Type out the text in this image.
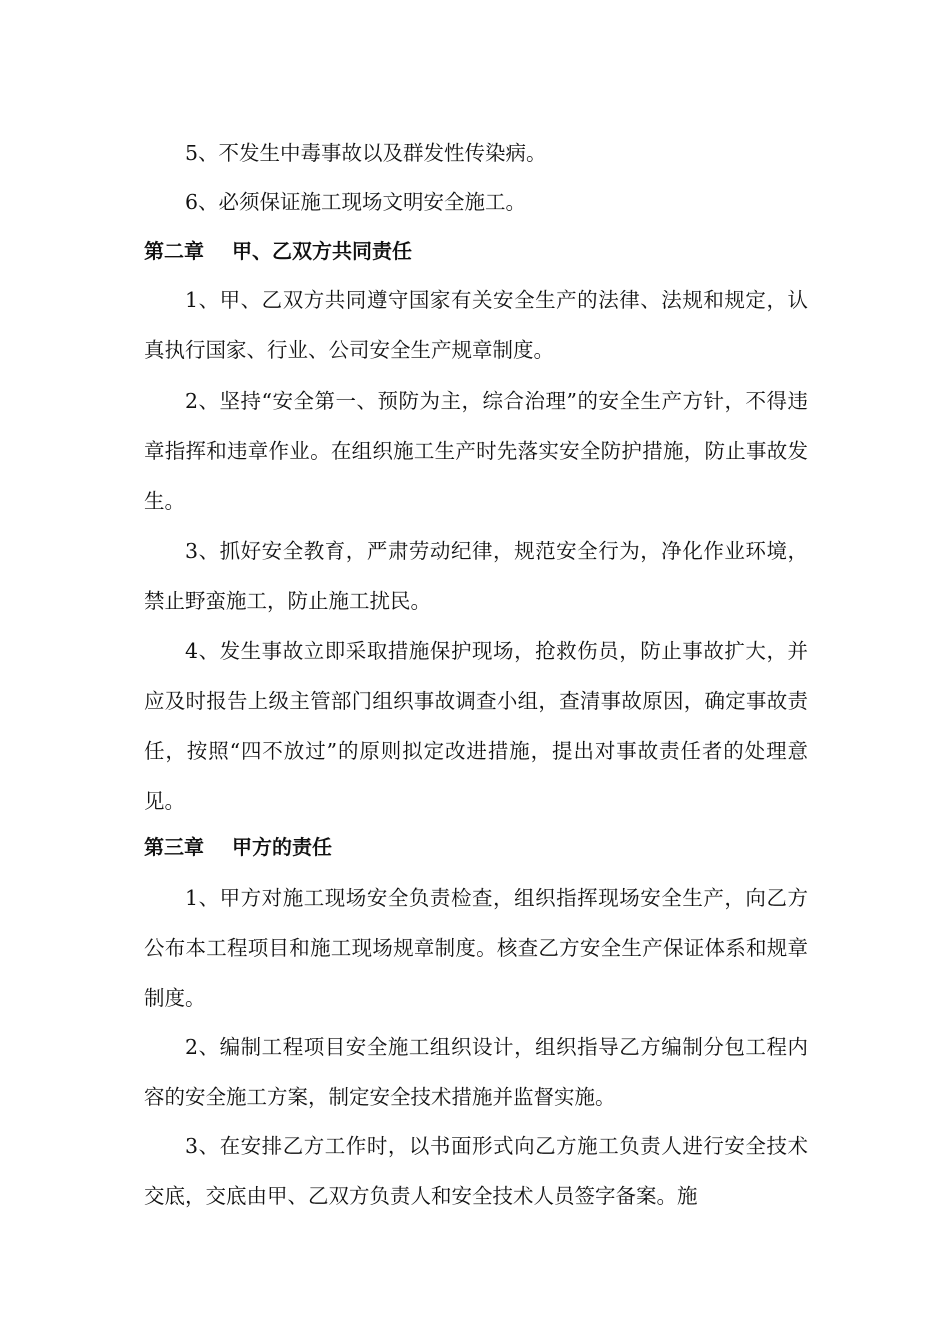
5、不发生中毒事故以及群发性传染病。

6、必须保证施工现场文明安全施工。

第二章 甲、乙双方共同责任

1、甲、乙双方共同遵守国家有关安全生产的法律、法规和规定，认真执行国家、行业、公司安全生产规章制度。

2、坚持“安全第一、预防为主，综合治理”的安全生产方针，不得违章指挥和违章作业。在组织施工生产时先落实安全防护措施，防止事故发生。

3、抓好安全教育，严肃劳动纪律，规范安全行为，净化作业环境，禁止野蛮施工，防止施工扰民。

4、发生事故立即采取措施保护现场，抢救伤员，防止事故扩大，并应及时报告上级主管部门组织事故调查小组，查清事故原因，确定事故责任，按照“四不放过”的原则拟定改进措施，提出对事故责任者的处理意见。

第三章 甲方的责任

1、甲方对施工现场安全负责检查，组织指挥现场安全生产，向乙方公布本工程项目和施工现场规章制度。核查乙方安全生产保证体系和规章制度。

2、编制工程项目安全施工组织设计，组织指导乙方编制分包工程内容的安全施工方案，制定安全技术措施并监督实施。

3、在安排乙方工作时，以书面形式向乙方施工负责人进行安全技术交底，交底由甲、乙双方负责人和安全技术人员签字备案。施
